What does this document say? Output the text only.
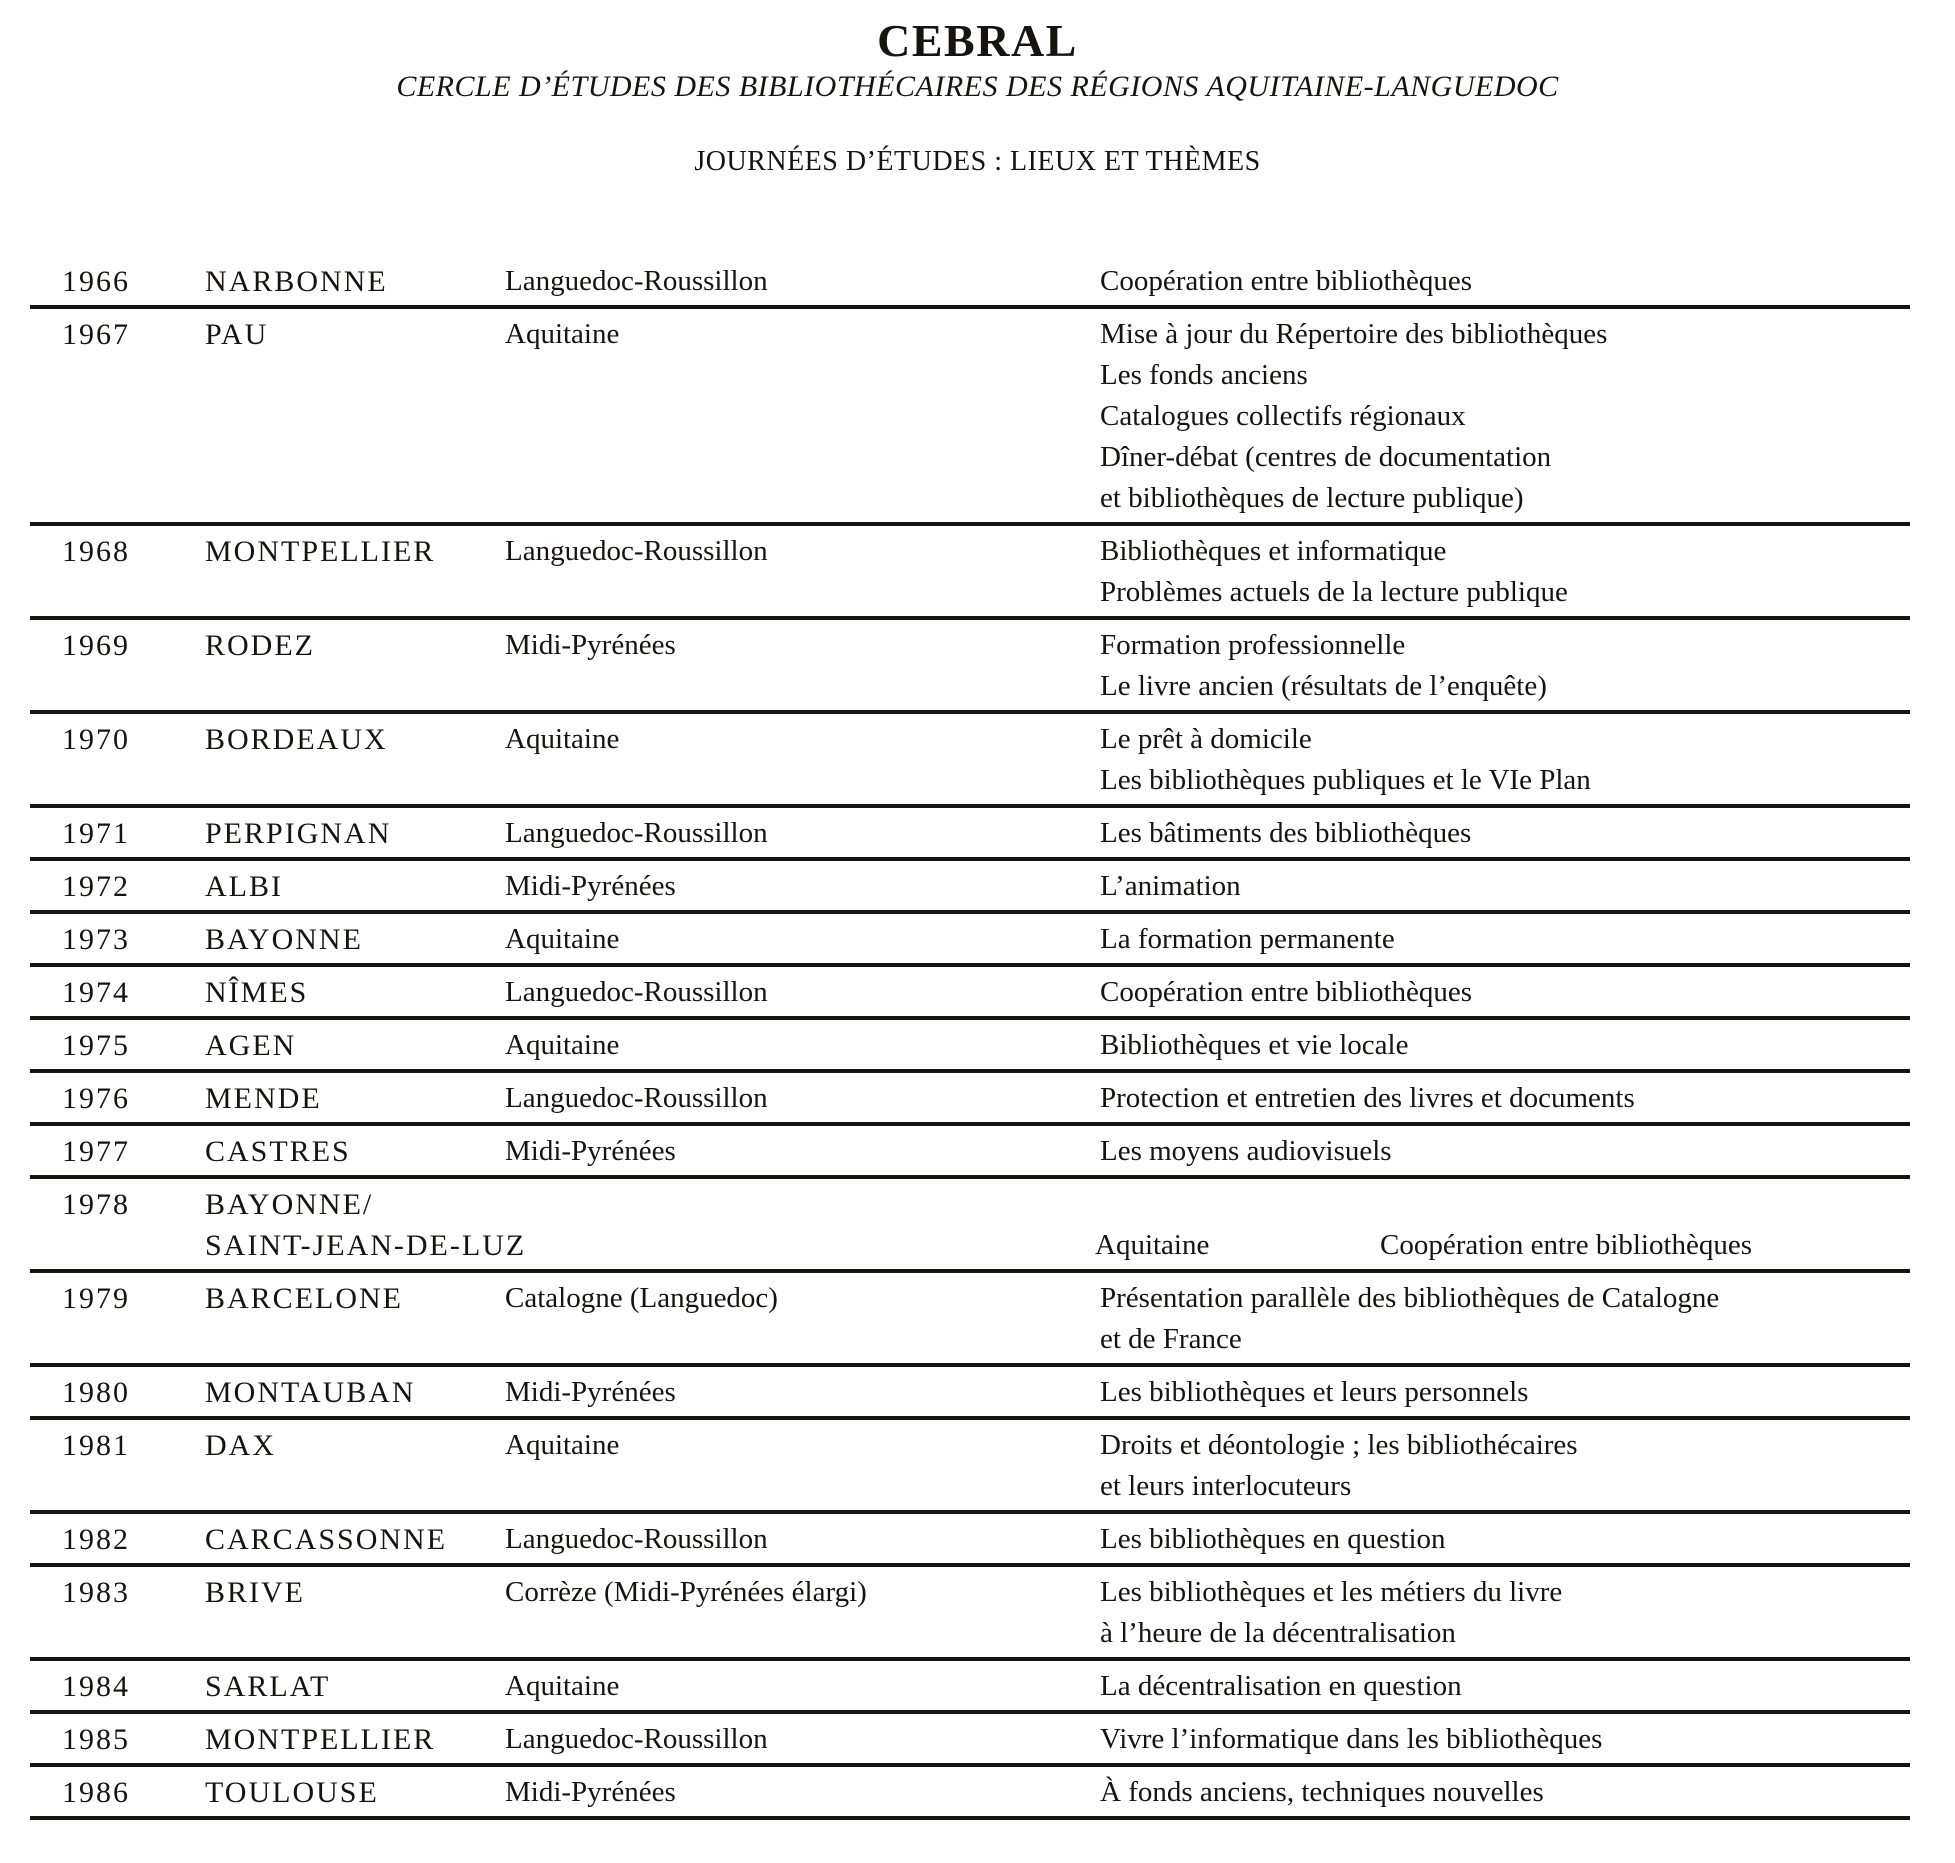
CEBRAL
CERCLE D’ÉTUDES DES BIBLIOTHÉCAIRES DES RÉGIONS AQUITAINE-LANGUEDOC
JOURNÉES D’ÉTUDES : LIEUX ET THÈMES
1966	NARBONNE	Languedoc-Roussillon	Coopération entre bibliothèques
1967	PAU	Aquitaine	Mise à jour du Répertoire des bibliothèques
Les fonds anciens
Catalogues collectifs régionaux
Dîner-débat (centres de documentation
et bibliothèques de lecture publique)
1968	MONTPELLIER	Languedoc-Roussillon	Bibliothèques et informatique
Problèmes actuels de la lecture publique
1969	RODEZ	Midi-Pyrénées	Formation professionnelle
Le livre ancien (résultats de l’enquête)
1970	BORDEAUX	Aquitaine	Le prêt à domicile
Les bibliothèques publiques et le VIe Plan
1971	PERPIGNAN	Languedoc-Roussillon	Les bâtiments des bibliothèques
1972	ALBI	Midi-Pyrénées	L’animation
1973	BAYONNE	Aquitaine	La formation permanente
1974	NÎMES	Languedoc-Roussillon	Coopération entre bibliothèques
1975	AGEN	Aquitaine	Bibliothèques et vie locale
1976	MENDE	Languedoc-Roussillon	Protection et entretien des livres et documents
1977	CASTRES	Midi-Pyrénées	Les moyens audiovisuels
1978	BAYONNE/
SAINT-JEAN-DE-LUZ	Aquitaine	Coopération entre bibliothèques
1979	BARCELONE	Catalogne (Languedoc)	Présentation parallèle des bibliothèques de Catalogne
et de France
1980	MONTAUBAN	Midi-Pyrénées	Les bibliothèques et leurs personnels
1981	DAX	Aquitaine	Droits et déontologie ; les bibliothécaires
et leurs interlocuteurs
1982	CARCASSONNE	Languedoc-Roussillon	Les bibliothèques en question
1983	BRIVE	Corrèze (Midi-Pyrénées élargi)	Les bibliothèques et les métiers du livre
à l’heure de la décentralisation
1984	SARLAT	Aquitaine	La décentralisation en question
1985	MONTPELLIER	Languedoc-Roussillon	Vivre l’informatique dans les bibliothèques
1986	TOULOUSE	Midi-Pyrénées	À fonds anciens, techniques nouvelles
